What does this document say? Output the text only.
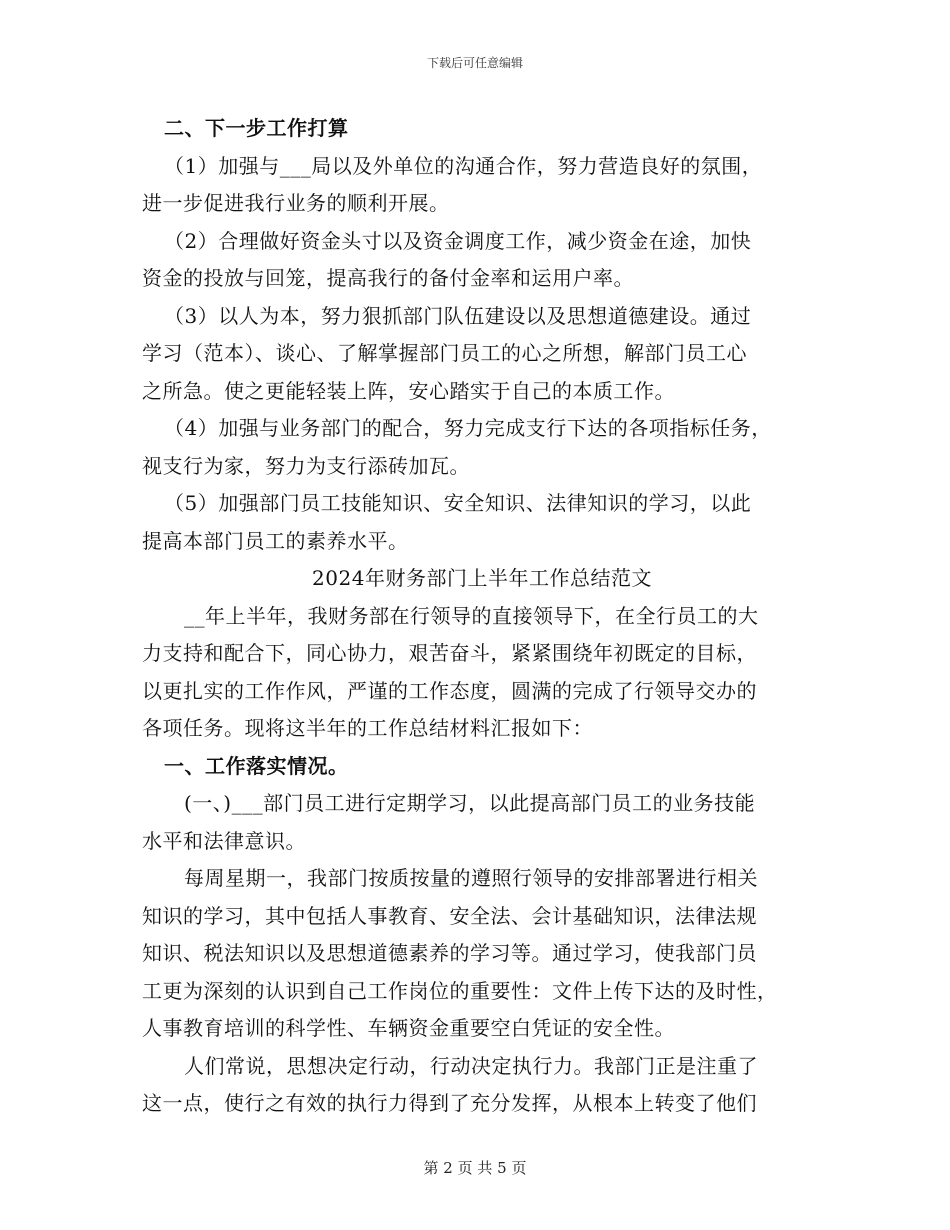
下载后可任意编辑
二、下一步工作打算
（1）加强与___局以及外单位的沟通合作，努力营造良好的氛围，
进一步促进我行业务的顺利开展。
（2）合理做好资金头寸以及资金调度工作，减少资金在途，加快
资金的投放与回笼，提高我行的备付金率和运用户率。
（3）以人为本，努力狠抓部门队伍建设以及思想道德建设。通过
学习（范本）、谈心、了解掌握部门员工的心之所想，解部门员工心
之所急。使之更能轻装上阵，安心踏实于自己的本质工作。
（4）加强与业务部门的配合，努力完成支行下达的各项指标任务，
视支行为家，努力为支行添砖加瓦。
（5）加强部门员工技能知识、安全知识、法律知识的学习，以此
提高本部门员工的素养水平。
2024年财务部门上半年工作总结范文
__年上半年，我财务部在行领导的直接领导下，在全行员工的大
力支持和配合下，同心协力，艰苦奋斗，紧紧围绕年初既定的目标，
以更扎实的工作作风，严谨的工作态度，圆满的完成了行领导交办的
各项任务。现将这半年的工作总结材料汇报如下：
一、工作落实情况。
(一、)___部门员工进行定期学习，以此提高部门员工的业务技能
水平和法律意识。
每周星期一，我部门按质按量的遵照行领导的安排部署进行相关
知识的学习，其中包括人事教育、安全法、会计基础知识，法律法规
知识、税法知识以及思想道德素养的学习等。通过学习，使我部门员
工更为深刻的认识到自己工作岗位的重要性：文件上传下达的及时性，
人事教育培训的科学性、车辆资金重要空白凭证的安全性。
人们常说，思想决定行动，行动决定执行力。我部门正是注重了
这一点，使行之有效的执行力得到了充分发挥，从根本上转变了他们
第 2 页 共 5 页
